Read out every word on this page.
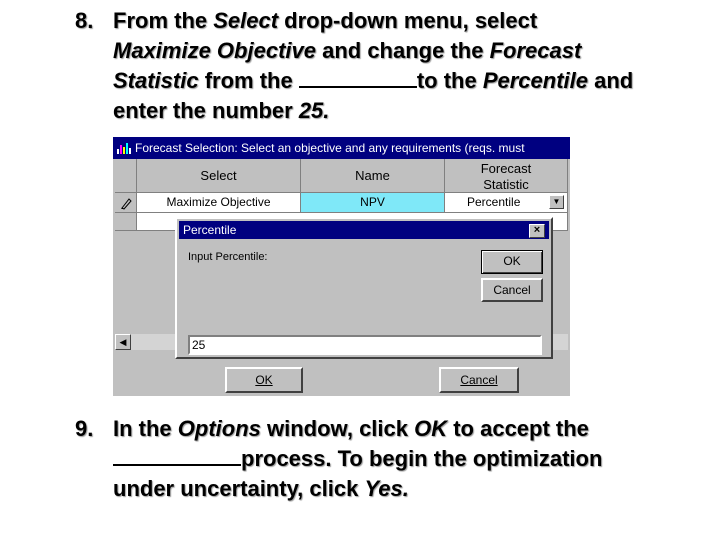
8. From the Select drop-down menu, select
Maximize Objective and change the Forecast
Statistic from the	to the Percentile and
enter the number 25.
Forecast Selection: Select an objective and any requirements (reqs. must
Select	Name	Forecast
Statistic
Maximize Objective	NPV	Percentile	▼
◀
OK	Cancel
Percentile	×
Input Percentile:	OK
Cancel
25
9. In the Options window, click OK to accept the
process. To begin the optimization
under uncertainty, click Yes.
